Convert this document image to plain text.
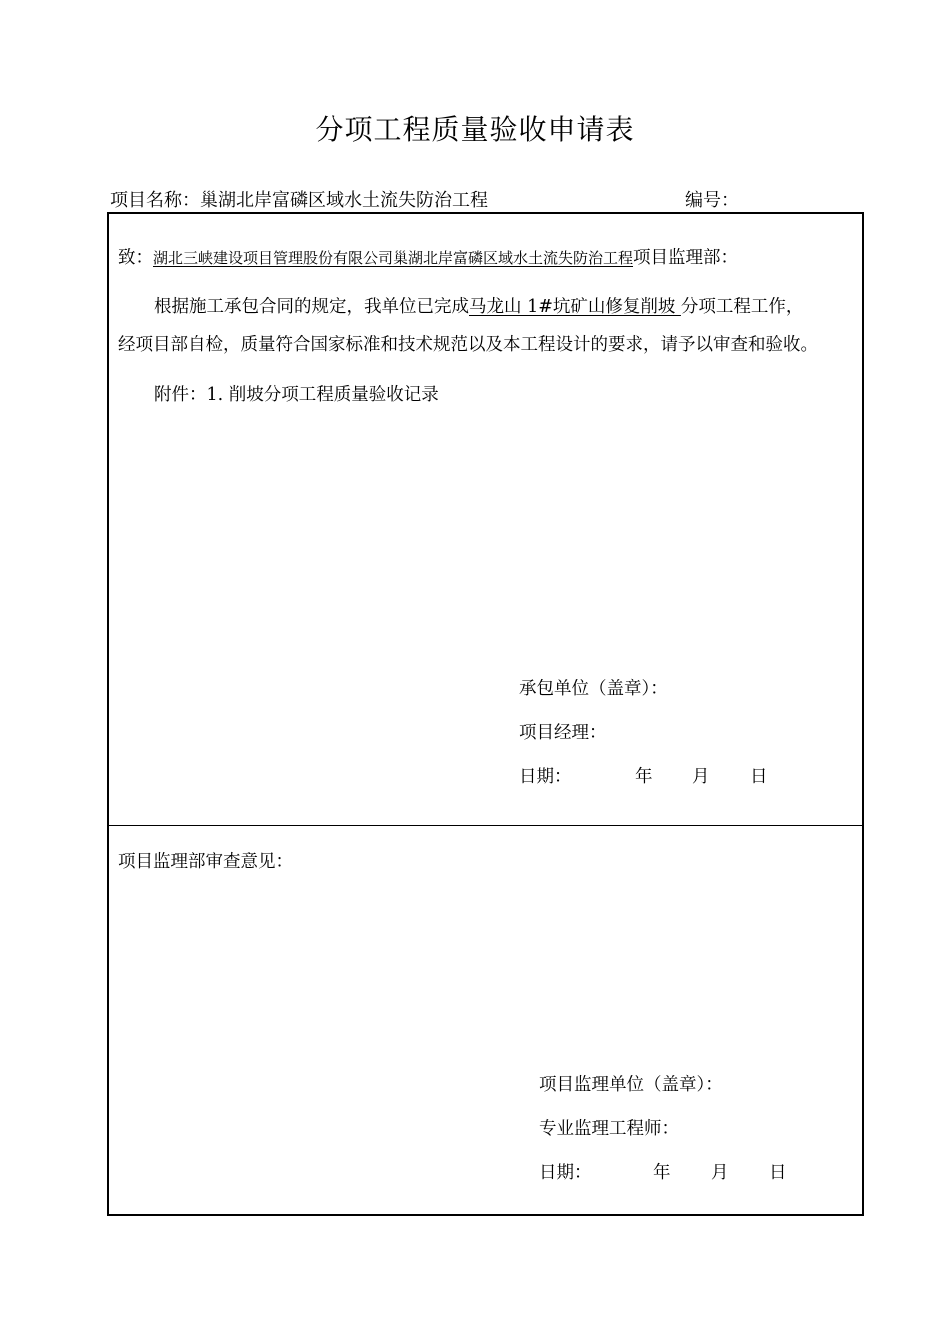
分项工程质量验收申请表
项目名称：巢湖北岸富磷区域水土流失防治工程	编号：
致：湖北三峡建设项目管理股份有限公司巢湖北岸富磷区域水土流失防治工程项目监理部：
根据施工承包合同的规定，我单位已完成马龙山 1#坑矿山修复削坡 分项工程工作，
经项目部自检，质量符合国家标准和技术规范以及本工程设计的要求，请予以审查和验收。
附件：1. 削坡分项工程质量验收记录
承包单位（盖章）：
项目经理：
日期：	年 月 日
项目监理部审查意见：
项目监理单位（盖章）：
专业监理工程师：
日期：	年 月 日
